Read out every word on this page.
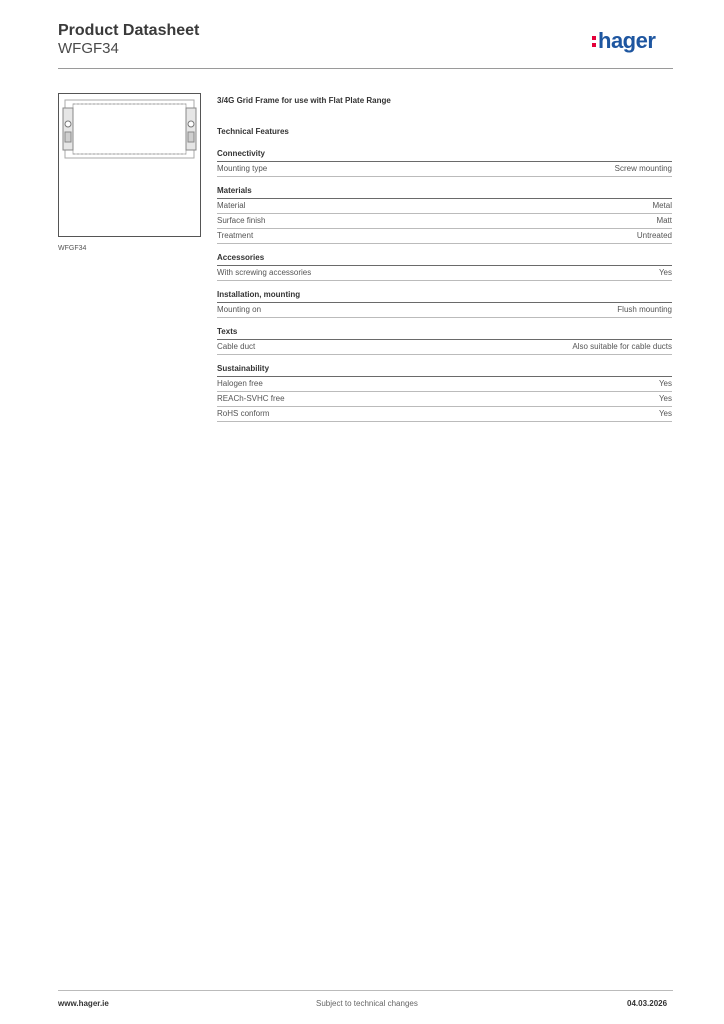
Product Datasheet
WFGF34	hager
WFGF34
3/4G Grid Frame for use with Flat Plate Range
Technical Features
Connectivity
Mounting type	Screw mounting
Materials
Material	Metal
Surface finish	Matt
Treatment	Untreated
Accessories
With screwing accessories	Yes
Installation, mounting
Mounting on	Flush mounting
Texts
Cable duct	Also suitable for cable ducts
Sustainability
Halogen free	Yes
REACh-SVHC free	Yes
RoHS conform	Yes
www.hager.ie	Subject to technical changes	04.03.2026
